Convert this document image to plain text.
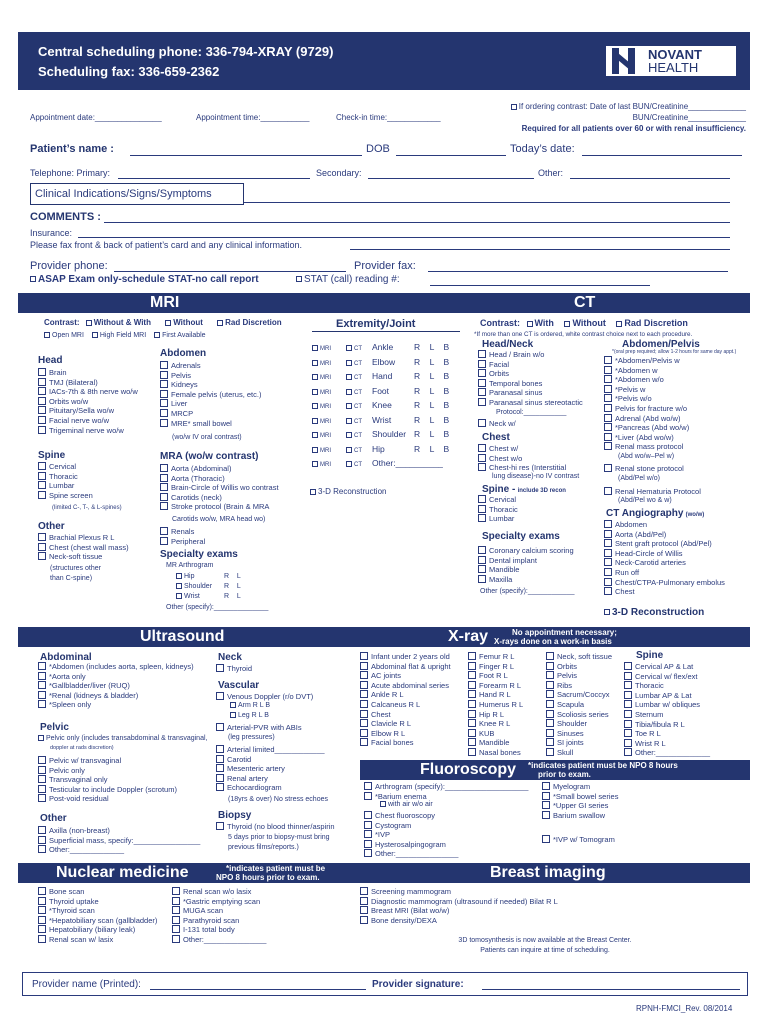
Central scheduling phone: 336-794-XRAY (9729)
Scheduling fax: 336-659-2362
NOVANT
HEALTH
Appointment date:_______________	Appointment time:___________	Check-in time:____________
If ordering contrast: Date of last BUN/Creatinine_____________
BUN/Creatinine_____________
Required for all patients over 60 or with renal insufficiency.
Patient’s name :	DOB	Today’s date:
Telephone: Primary:	Secondary:	Other:
Clinical Indications/Signs/Symptoms
COMMENTS :
Insurance:
Please fax front & back of patient’s card and any clinical information.
Provider phone:	Provider fax:
ASAP Exam only-schedule STAT-no call report	STAT (call) reading #:
MRI	CT
Contrast: Without & With	Without	Rad Discretion
Open MRI High Field MRI First Available
Head
Brain
TMJ (Bilateral)
IACs-7th & 8th nerve wo/w
Orbits wo/w
Pituitary/Sella wo/w
Facial nerve wo/w
Trigeminal nerve wo/w
Spine
Cervical
Thoracic
Lumbar
Spine screen
(limited C-, T-, & L-spines)
Other
Brachial Plexus R L
Chest (chest wall mass)
Neck-soft tissue
(structures other
than C-spine)
Abdomen
Adrenals
Pelvis
Kidneys
Female pelvis (uterus, etc.)
Liver
MRCP
MRE* small bowel
(wo/w IV oral contrast)
MRA (wo/w contrast)
Aorta (Abdominal)
Aorta (Thoracic)
Brain-Circle of Willis wo contrast
Carotids (neck)
Stroke protocol (Brain & MRA
Carotids wo/w, MRA head wo)
Renals
Peripheral
Specialty exams
MR Arthrogram
Hip	R    L
Shoulder R    L
Wrist	R    L
Other (specify):______________
Extremity/Joint
MRI	CT Ankle R    L    B
MRI	CT Elbow R    L    B
MRI	CT Hand	R    L    B
MRI	CT Foot	R    L    B
MRI	CT Knee	R    L    B
MRI	CT Wrist	R    L    B
MRI	CT Shoulder R    L    B
MRI	CT Hip	R    L    B
MRI	CT Other:__________
3-D Reconstruction
Contrast: With Without Rad Discretion
*If more than one CT is ordered, white contrast choice next to each procedure.
Head/Neck
Head / Brain w/o
Facial
Orbits
Temporal bones
Paranasal sinus
Paranasal sinus stereotactic
Protocol:___________
Neck w/
Chest
Chest w/
Chest w/o
Chest-hi res (Interstitial
lung disease)-no IV contrast
Spine - include 3D recon
Cervical
Thoracic
Lumbar
Specialty exams
Coronary calcium scoring
Dental implant
Mandible
Maxilla
Other (specify):____________
Abdomen/Pelvis
*(oral prep required; allow 1-2 hours for same day appt.)
*Abdomen/Pelvis w
*Abdomen w
*Abdomen w/o
*Pelvis w
*Pelvis w/o
Pelvis for fracture w/o
Adrenal (Abd wo/w)
*Pancreas (Abd wo/w)
*Liver (Abd wo/w)
Renal mass protocol
(Abd wo/w–Pel w)
Renal stone protocol
(Abd/Pel w/o)
Renal Hematuria Protocol
(Abd/Pel wo & w)
CT Angiography (wo/w)
Abdomen
Aorta (Abd/Pel)
Stent graft protocol (Abd/Pel)
Head-Circle of Willis
Neck-Carotid arteries
Run off
Chest/CTPA-Pulmonary embolus
Chest
3-D Reconstruction
Ultrasound	X-ray	No appointment necessary;
X-rays done on a work-in basis
Abdominal
*Abdomen (includes aorta, spleen, kidneys)
*Aorta only
*Gallbladder/liver (RUQ)
*Renal (kidneys & bladder)
*Spleen only
Pelvic
Pelvic only (includes transabdominal & transvaginal,
doppler at rads discretion)
Pelvic w/ transvaginal
Pelvic only
Transvaginal only
Testicular to include Doppler (scrotum)
Post-void residual
Other
Axilla (non-breast)
Superficial mass, specify:________________
Other:_____________
Neck
Thyroid
Vascular
Venous Doppler (r/o DVT)
Arm R L B
Leg R L B
Arterial-PVR with ABIs
(leg pressures)
Arterial limited____________
Carotid
Mesenteric artery
Renal artery
Echocardiogram
(18yrs & over) No stress echoes
Biopsy
Thyroid (no blood thinner/aspirin
5 days prior to biopsy-must bring
previous films/reports.)
Infant under 2 years old
Abdominal flat & upright
AC joints
Acute abdominal series
Ankle R L
Calcaneus R L
Chest
Clavicle R L
Elbow R L
Facial bones
Femur R L
Finger R L
Foot R L
Forearm R L
Hand R L
Humerus R L
Hip R L
Knee R L
KUB
Mandible
Nasal bones
Neck, soft tissue
Orbits
Pelvis
Ribs
Sacrum/Coccyx
Scapula
Scoliosis series
Shoulder
Sinuses
SI joints
Skull
Spine
Cervical AP & Lat
Cervical w/ flex/ext
Thoracic
Lumbar AP & Lat
Lumbar w/ obliques
Sternum
Tibia/fibula R L
Toe R L
Wrist R L
Other:_____________
Fluoroscopy *indicates patient must be NPO 8 hours
prior to exam.
Arthrogram (specify):____________________
*Barium enema
with air w/o air
Chest fluoroscopy
Cystogram
*IVP
Hysterosalpingogram
Other:_______________
Myelogram
*Small bowel series
*Upper GI series
Barium swallow
*IVP w/ Tomogram
Nuclear medicine	*indicates patient must be
NPO 8 hours prior to exam.	Breast imaging
Bone scan
Thyroid uptake
*Thyroid scan
*Hepatobiliary scan (gallbladder)
Hepatobiliary (biliary leak)
Renal scan w/ lasix
Renal scan w/o lasix
*Gastric emptying scan
MUGA scan
Parathyroid scan
I-131 total body
Other:_______________
Screening mammogram
Diagnostic mammogram (ultrasound if needed) Bilat R L
Breast MRI (Bilat wo/w)
Bone density/DEXA
3D tomosynthesis is now available at the Breast Center.
Patients can inquire at time of scheduling.
Provider name (Printed):	Provider signature:
RPNH-FMCI_Rev. 08/2014
